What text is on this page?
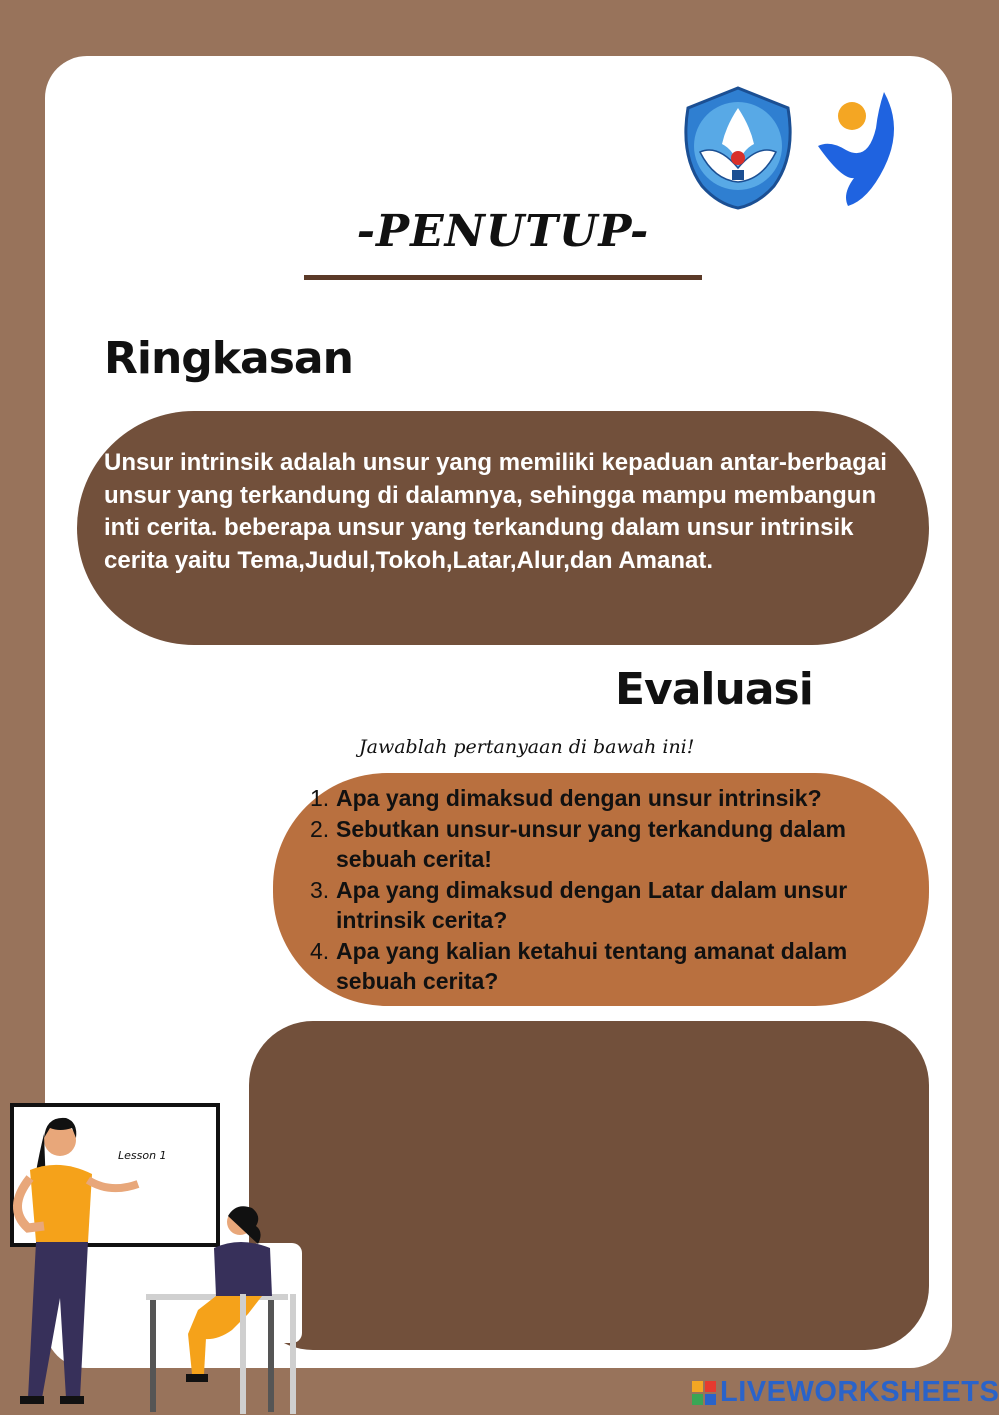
-PENUTUP-
Ringkasan

Unsur intrinsik adalah unsur yang memiliki kepaduan antar-berbagai unsur yang terkandung di dalamnya, sehingga mampu membangun inti cerita. beberapa unsur yang terkandung dalam unsur intrinsik cerita yaitu Tema,Judul,Tokoh,Latar,Alur,dan Amanat.

Evaluasi

Jawablah pertanyaan di bawah ini!

1. Apa yang dimaksud dengan unsur intrinsik?
2. Sebutkan unsur-unsur yang terkandung dalam sebuah cerita!
3. Apa yang dimaksud dengan Latar dalam unsur intrinsik cerita?
4. Apa yang kalian ketahui tentang amanat dalam sebuah cerita?
Lesson 1
LIVEWORKSHEETS
